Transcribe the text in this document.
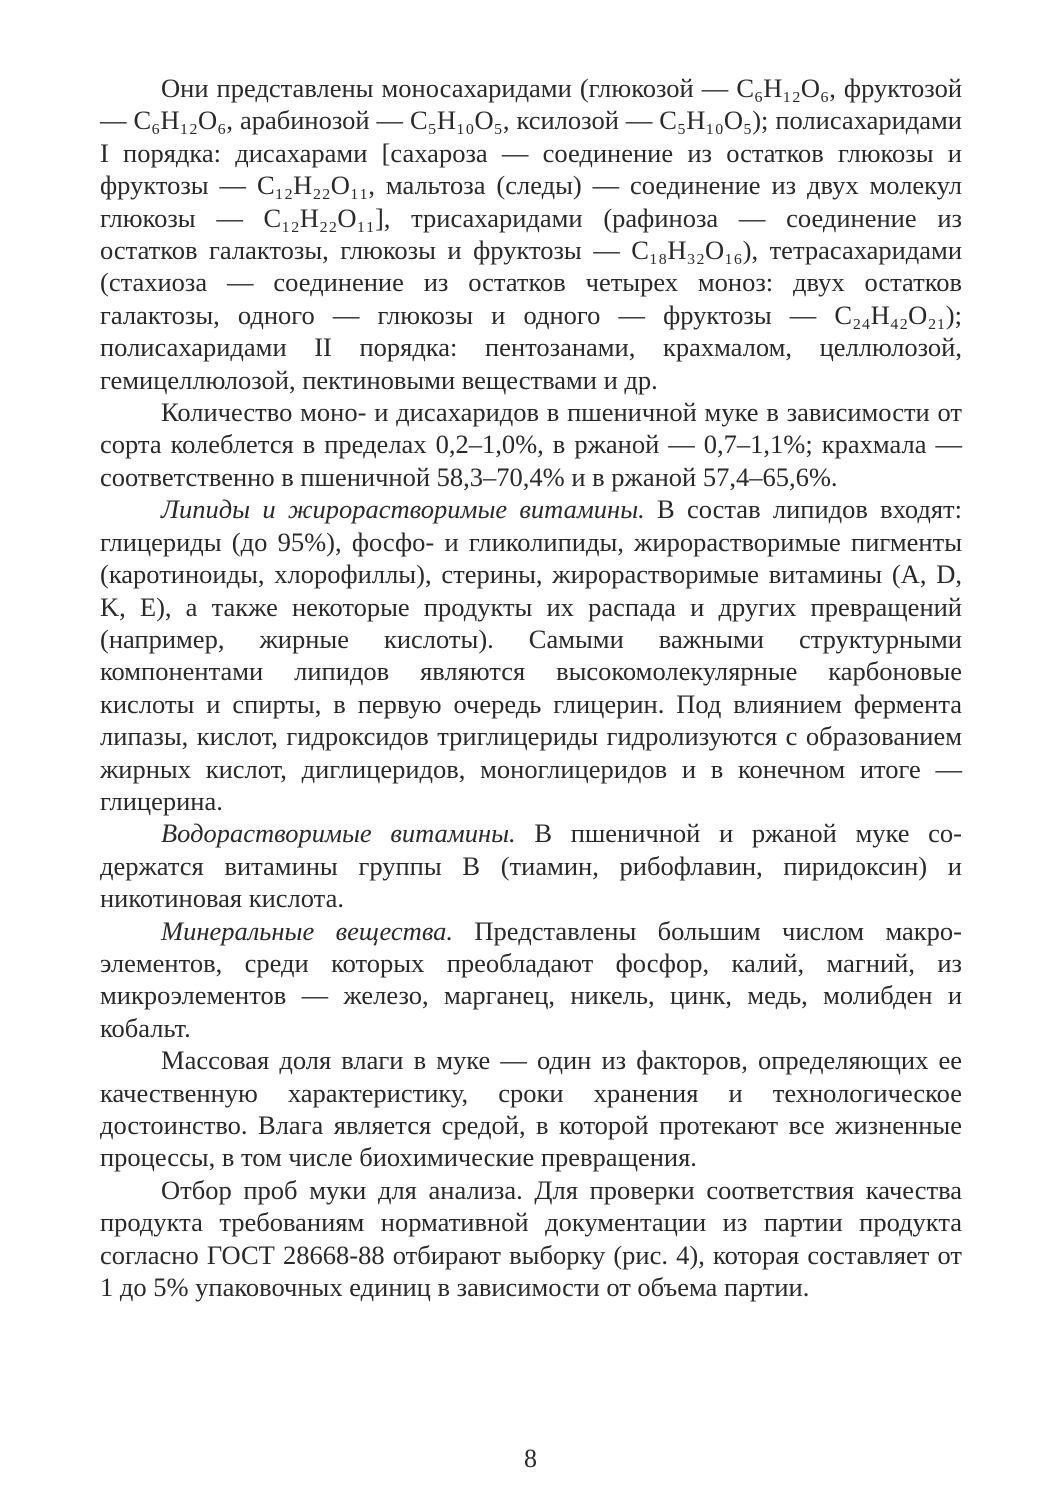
Они представлены моносахаридами (глюкозой — C₆H₁₂O₆, фруктозой — C₆H₁₂O₆, арабинозой — C₅H₁₀O₅, ксилозой — C₅H₁₀O₅); полисахаридами I порядка: дисахарами [сахароза — соединение из остатков глюкозы и фруктозы — C₁₂H₂₂O₁₁, мальтоза (следы) — соединение из двух молекул глюкозы — C₁₂H₂₂O₁₁], трисахаридами (рафиноза — соединение из остатков галактозы, глюкозы и фруктозы — C₁₈H₃₂O₁₆), тетрасахаридами (стахиоза — соединение из остатков четырех моноз: двух остатков галактозы, одного — глюкозы и одного — фруктозы — C₂₄H₄₂O₂₁); полисахаридами II порядка: пентозанами, крахмалом, целлюлозой, гемицеллюлозой, пектиновыми веществами и др.

Количество моно- и дисахаридов в пшеничной муке в зависимости от сорта колеблется в пределах 0,2–1,0%, в ржаной — 0,7–1,1%; крахмала — соответственно в пшеничной 58,3–70,4% и в ржаной 57,4–65,6%.

Липиды и жирорастворимые витамины. В состав липидов входят: глицериды (до 95%), фосфо- и гликолипиды, жирорастворимые пигменты (каротиноиды, хлорофиллы), стерины, жирорастворимые витамины (A, D, K, E), а также некоторые продукты их распада и других превращений (например, жирные кислоты). Самыми важными структурными компонентами липидов являются высокомолекулярные карбоновые кислоты и спирты, в первую очередь глицерин. Под влиянием фермента липазы, кислот, гидроксидов триглицериды гидролизуются с образованием жирных кислот, диглицеридов, моноглицеридов и в конечном итоге — глицерина.

Водорастворимые витамины. В пшеничной и ржаной муке содержатся витамины группы B (тиамин, рибофлавин, пиридоксин) и никотиновая кислота.

Минеральные вещества. Представлены большим числом макроэлементов, среди которых преобладают фосфор, калий, магний, из микроэлементов — железо, марганец, никель, цинк, медь, молибден и кобальт.

Массовая доля влаги в муке — один из факторов, определяющих ее качественную характеристику, сроки хранения и технологическое достоинство. Влага является средой, в которой протекают все жизненные процессы, в том числе биохимические превращения.

Отбор проб муки для анализа. Для проверки соответствия качества продукта требованиям нормативной документации из партии продукта согласно ГОСТ 28668-88 отбирают выборку (рис. 4), которая составляет от 1 до 5% упаковочных единиц в зависимости от объема партии.

8
